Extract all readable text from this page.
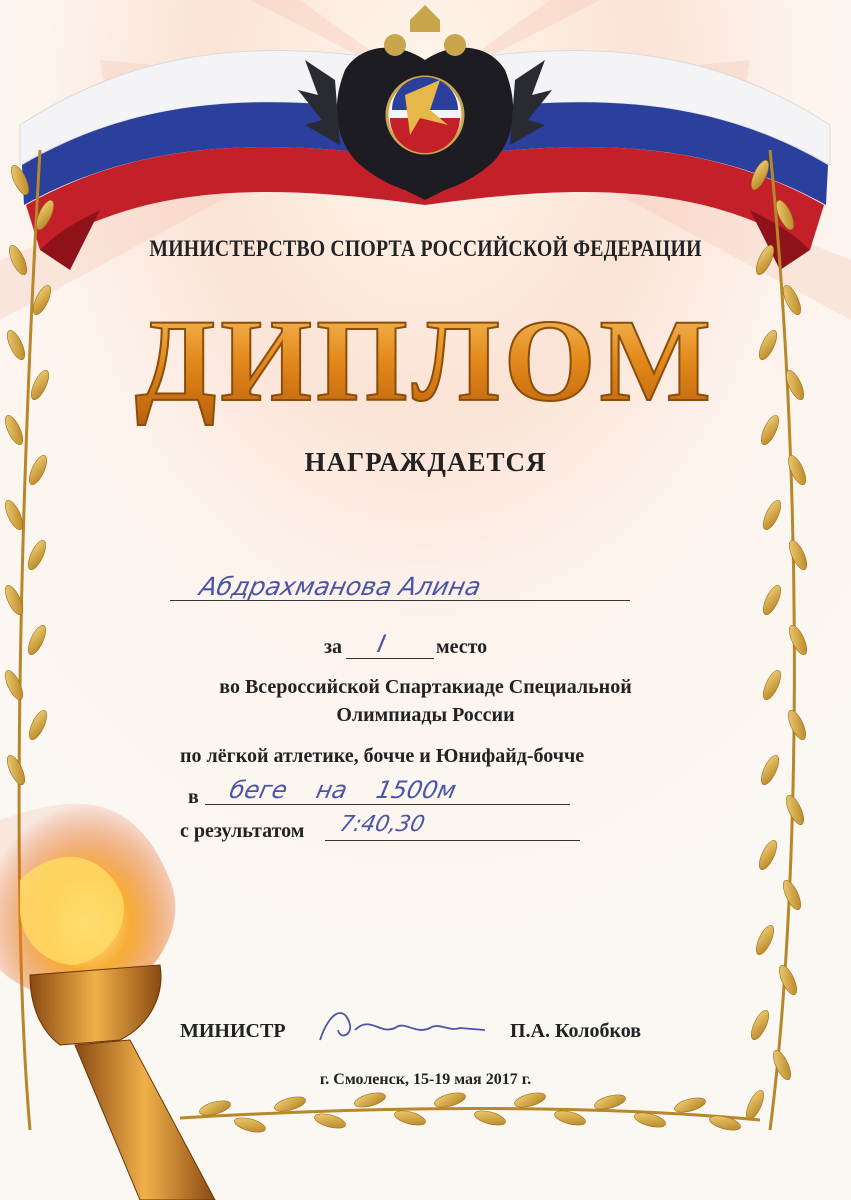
ДИПЛОМ
МИНИСТЕРСТВО СПОРТА РОССИЙСКОЙ ФЕДЕРАЦИИ
НАГРАЖДАЕТСЯ
Абдрахманова Алина
за I место
во Всероссийской Спартакиаде Специальной
Олимпиады России
по лёгкой атлетике, бочче и Юнифайд-бочче
в беге на 1500м
с результатом 7:40,30
МИНИСТР	П.А. Колобков
г. Смоленск, 15-19 мая 2017 г.
